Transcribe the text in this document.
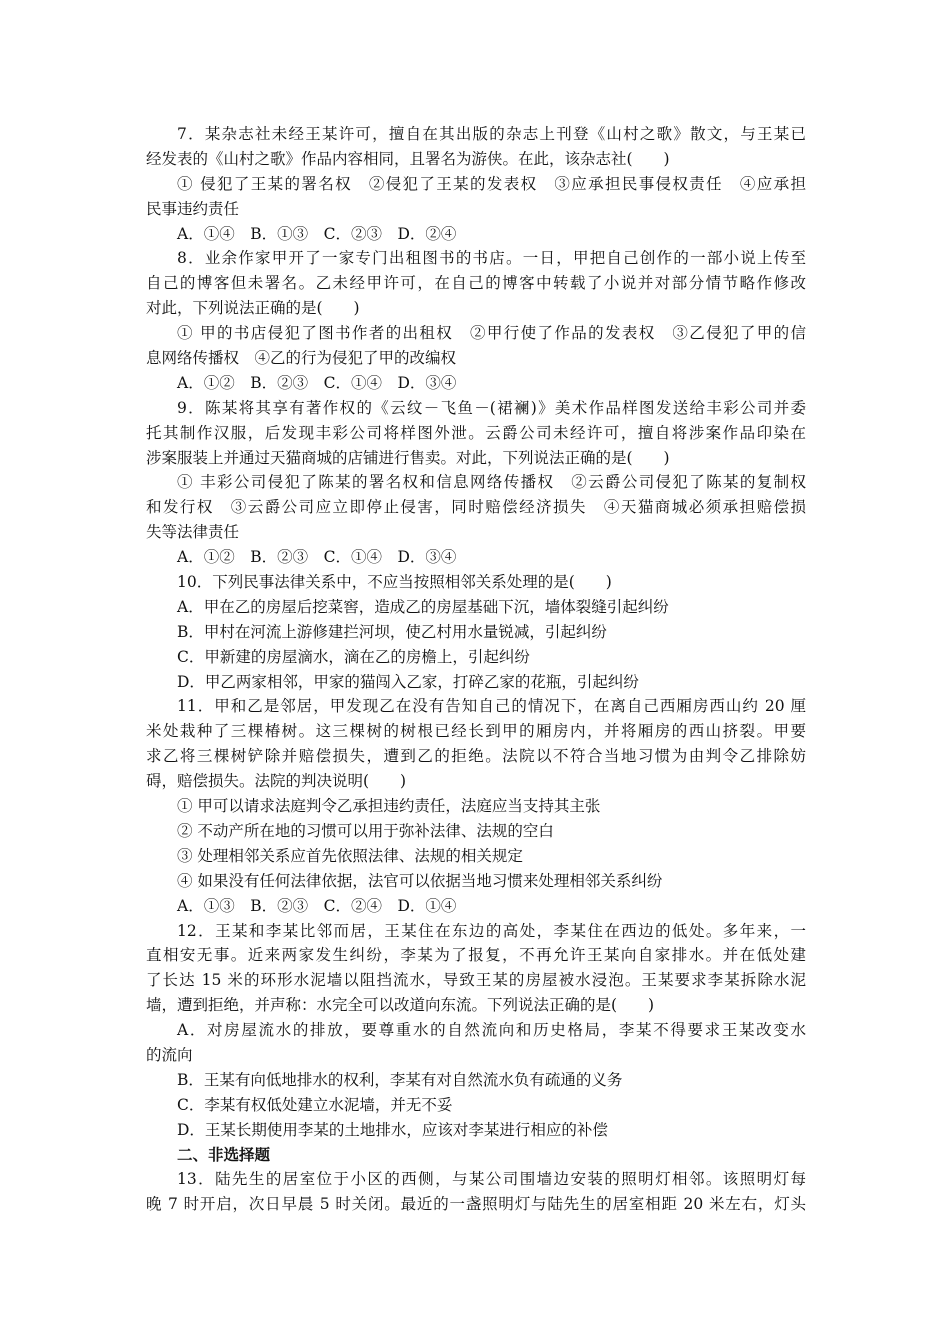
7．某杂志社未经王某许可，擅自在其出版的杂志上刊登《山村之歌》散文，与王某已
经发表的《山村之歌》作品内容相同，且署名为游侠。在此，该杂志社(　　)
① 侵犯了王某的署名权　②侵犯了王某的发表权　③应承担民事侵权责任　④应承担
民事违约责任
A．①④　B．①③　C．②③　D．②④
8．业余作家甲开了一家专门出租图书的书店。一日，甲把自己创作的一部小说上传至
自己的博客但未署名。乙未经甲许可，在自己的博客中转载了小说并对部分情节略作修改
对此，下列说法正确的是(　　)
① 甲的书店侵犯了图书作者的出租权　②甲行使了作品的发表权　③乙侵犯了甲的信
息网络传播权　④乙的行为侵犯了甲的改编权
A．①②　B．②③　C．①④　D．③④
9．陈某将其享有著作权的《云纹－飞鱼－(裙襕)》美术作品样图发送给丰彩公司并委
托其制作汉服，后发现丰彩公司将样图外泄。云爵公司未经许可，擅自将涉案作品印染在
涉案服装上并通过天猫商城的店铺进行售卖。对此，下列说法正确的是(　　)
① 丰彩公司侵犯了陈某的署名权和信息网络传播权　②云爵公司侵犯了陈某的复制权
和发行权　③云爵公司应立即停止侵害，同时赔偿经济损失　④天猫商城必须承担赔偿损
失等法律责任
A．①②　B．②③　C．①④　D．③④
10．下列民事法律关系中，不应当按照相邻关系处理的是(　　)
A．甲在乙的房屋后挖菜窖，造成乙的房屋基础下沉，墙体裂缝引起纠纷
B．甲村在河流上游修建拦河坝，使乙村用水量锐减，引起纠纷
C．甲新建的房屋滴水，滴在乙的房檐上，引起纠纷
D．甲乙两家相邻，甲家的猫闯入乙家，打碎乙家的花瓶，引起纠纷
11．甲和乙是邻居，甲发现乙在没有告知自己的情况下，在离自己西厢房西山约 20 厘
米处栽种了三棵椿树。这三棵树的树根已经长到甲的厢房内，并将厢房的西山挤裂。甲要
求乙将三棵树铲除并赔偿损失，遭到乙的拒绝。法院以不符合当地习惯为由判令乙排除妨
碍，赔偿损失。法院的判决说明(　　)
① 甲可以请求法庭判令乙承担违约责任，法庭应当支持其主张
② 不动产所在地的习惯可以用于弥补法律、法规的空白
③ 处理相邻关系应首先依照法律、法规的相关规定
④ 如果没有任何法律依据，法官可以依据当地习惯来处理相邻关系纠纷
A．①③　B．②③　C．②④　D．①④
12．王某和李某比邻而居，王某住在东边的高处，李某住在西边的低处。多年来，一
直相安无事。近来两家发生纠纷，李某为了报复，不再允许王某向自家排水。并在低处建
了长达 15 米的环形水泥墙以阻挡流水，导致王某的房屋被水浸泡。王某要求李某拆除水泥
墙，遭到拒绝，并声称：水完全可以改道向东流。下列说法正确的是(　　)
A．对房屋流水的排放，要尊重水的自然流向和历史格局，李某不得要求王某改变水
的流向
B．王某有向低地排水的权利，李某有对自然流水负有疏通的义务
C．李某有权低处建立水泥墙，并无不妥
D．王某长期使用李某的土地排水，应该对李某进行相应的补偿
二、非选择题
13．陆先生的居室位于小区的西侧，与某公司围墙边安装的照明灯相邻。该照明灯每
晚 7 时开启，次日早晨 5 时关闭。最近的一盏照明灯与陆先生的居室相距 20 米左右，灯头
